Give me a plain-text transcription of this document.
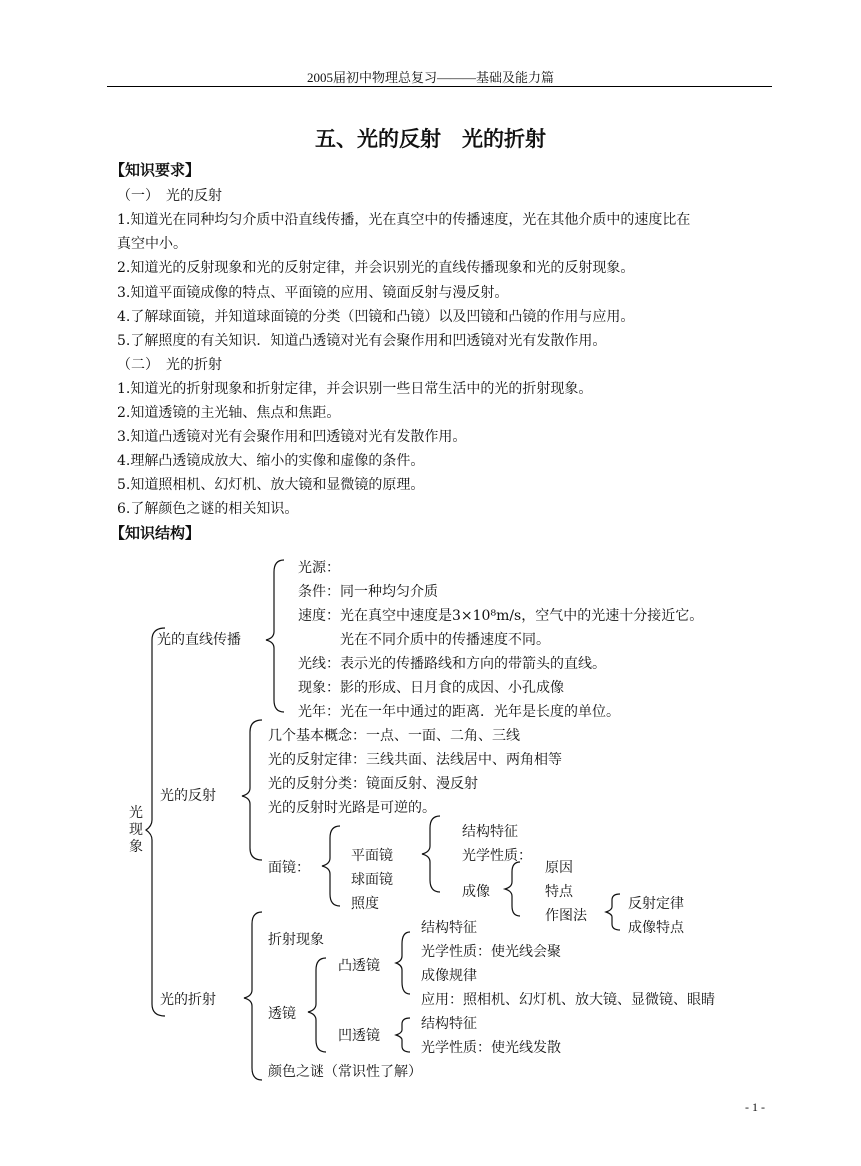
2005届初中物理总复习———基础及能力篇
五、光的反射　光的折射
【知识要求】
（一）　光的反射
1.知道光在同种均匀介质中沿直线传播，光在真空中的传播速度，光在其他介质中的速度比在
真空中小。
2.知道光的反射现象和光的反射定律，并会识别光的直线传播现象和光的反射现象。
3.知道平面镜成像的特点、平面镜的应用、镜面反射与漫反射。
4.了解球面镜，并知道球面镜的分类（凹镜和凸镜）以及凹镜和凸镜的作用与应用。
5.了解照度的有关知识．知道凸透镜对光有会聚作用和凹透镜对光有发散作用。
（二）　光的折射
1.知道光的折射现象和折射定律，并会识别一些日常生活中的光的折射现象。
2.知道透镜的主光轴、焦点和焦距。
3.知道凸透镜对光有会聚作用和凹透镜对光有发散作用。
4.理解凸透镜成放大、缩小的实像和虚像的条件。
5.知道照相机、幻灯机、放大镜和显微镜的原理。
6.了解颜色之谜的相关知识。
【知识结构】
光现象
光的直线传播
光源：
条件：同一种均匀介质
速度：光在真空中速度是3×10⁸m/s，空气中的光速十分接近它。
　　　光在不同介质中的传播速度不同。
光线：表示光的传播路线和方向的带箭头的直线。
现象：影的形成、日月食的成因、小孔成像
光年：光在一年中通过的距离．光年是长度的单位。
光的反射
几个基本概念：一点、一面、二角、三线
光的反射定律：三线共面、法线居中、两角相等
光的反射分类：镜面反射、漫反射
光的反射时光路是可逆的。
面镜：
平面镜
球面镜
照度
结构特征
光学性质：
成像
原因
特点
作图法
反射定律
成像特点
光的折射
折射现象
透镜
凸透镜
结构特征
光学性质：使光线会聚
成像规律
应用：照相机、幻灯机、放大镜、显微镜、眼睛
凹透镜
结构特征
光学性质：使光线发散
颜色之谜（常识性了解）
- 1 -
